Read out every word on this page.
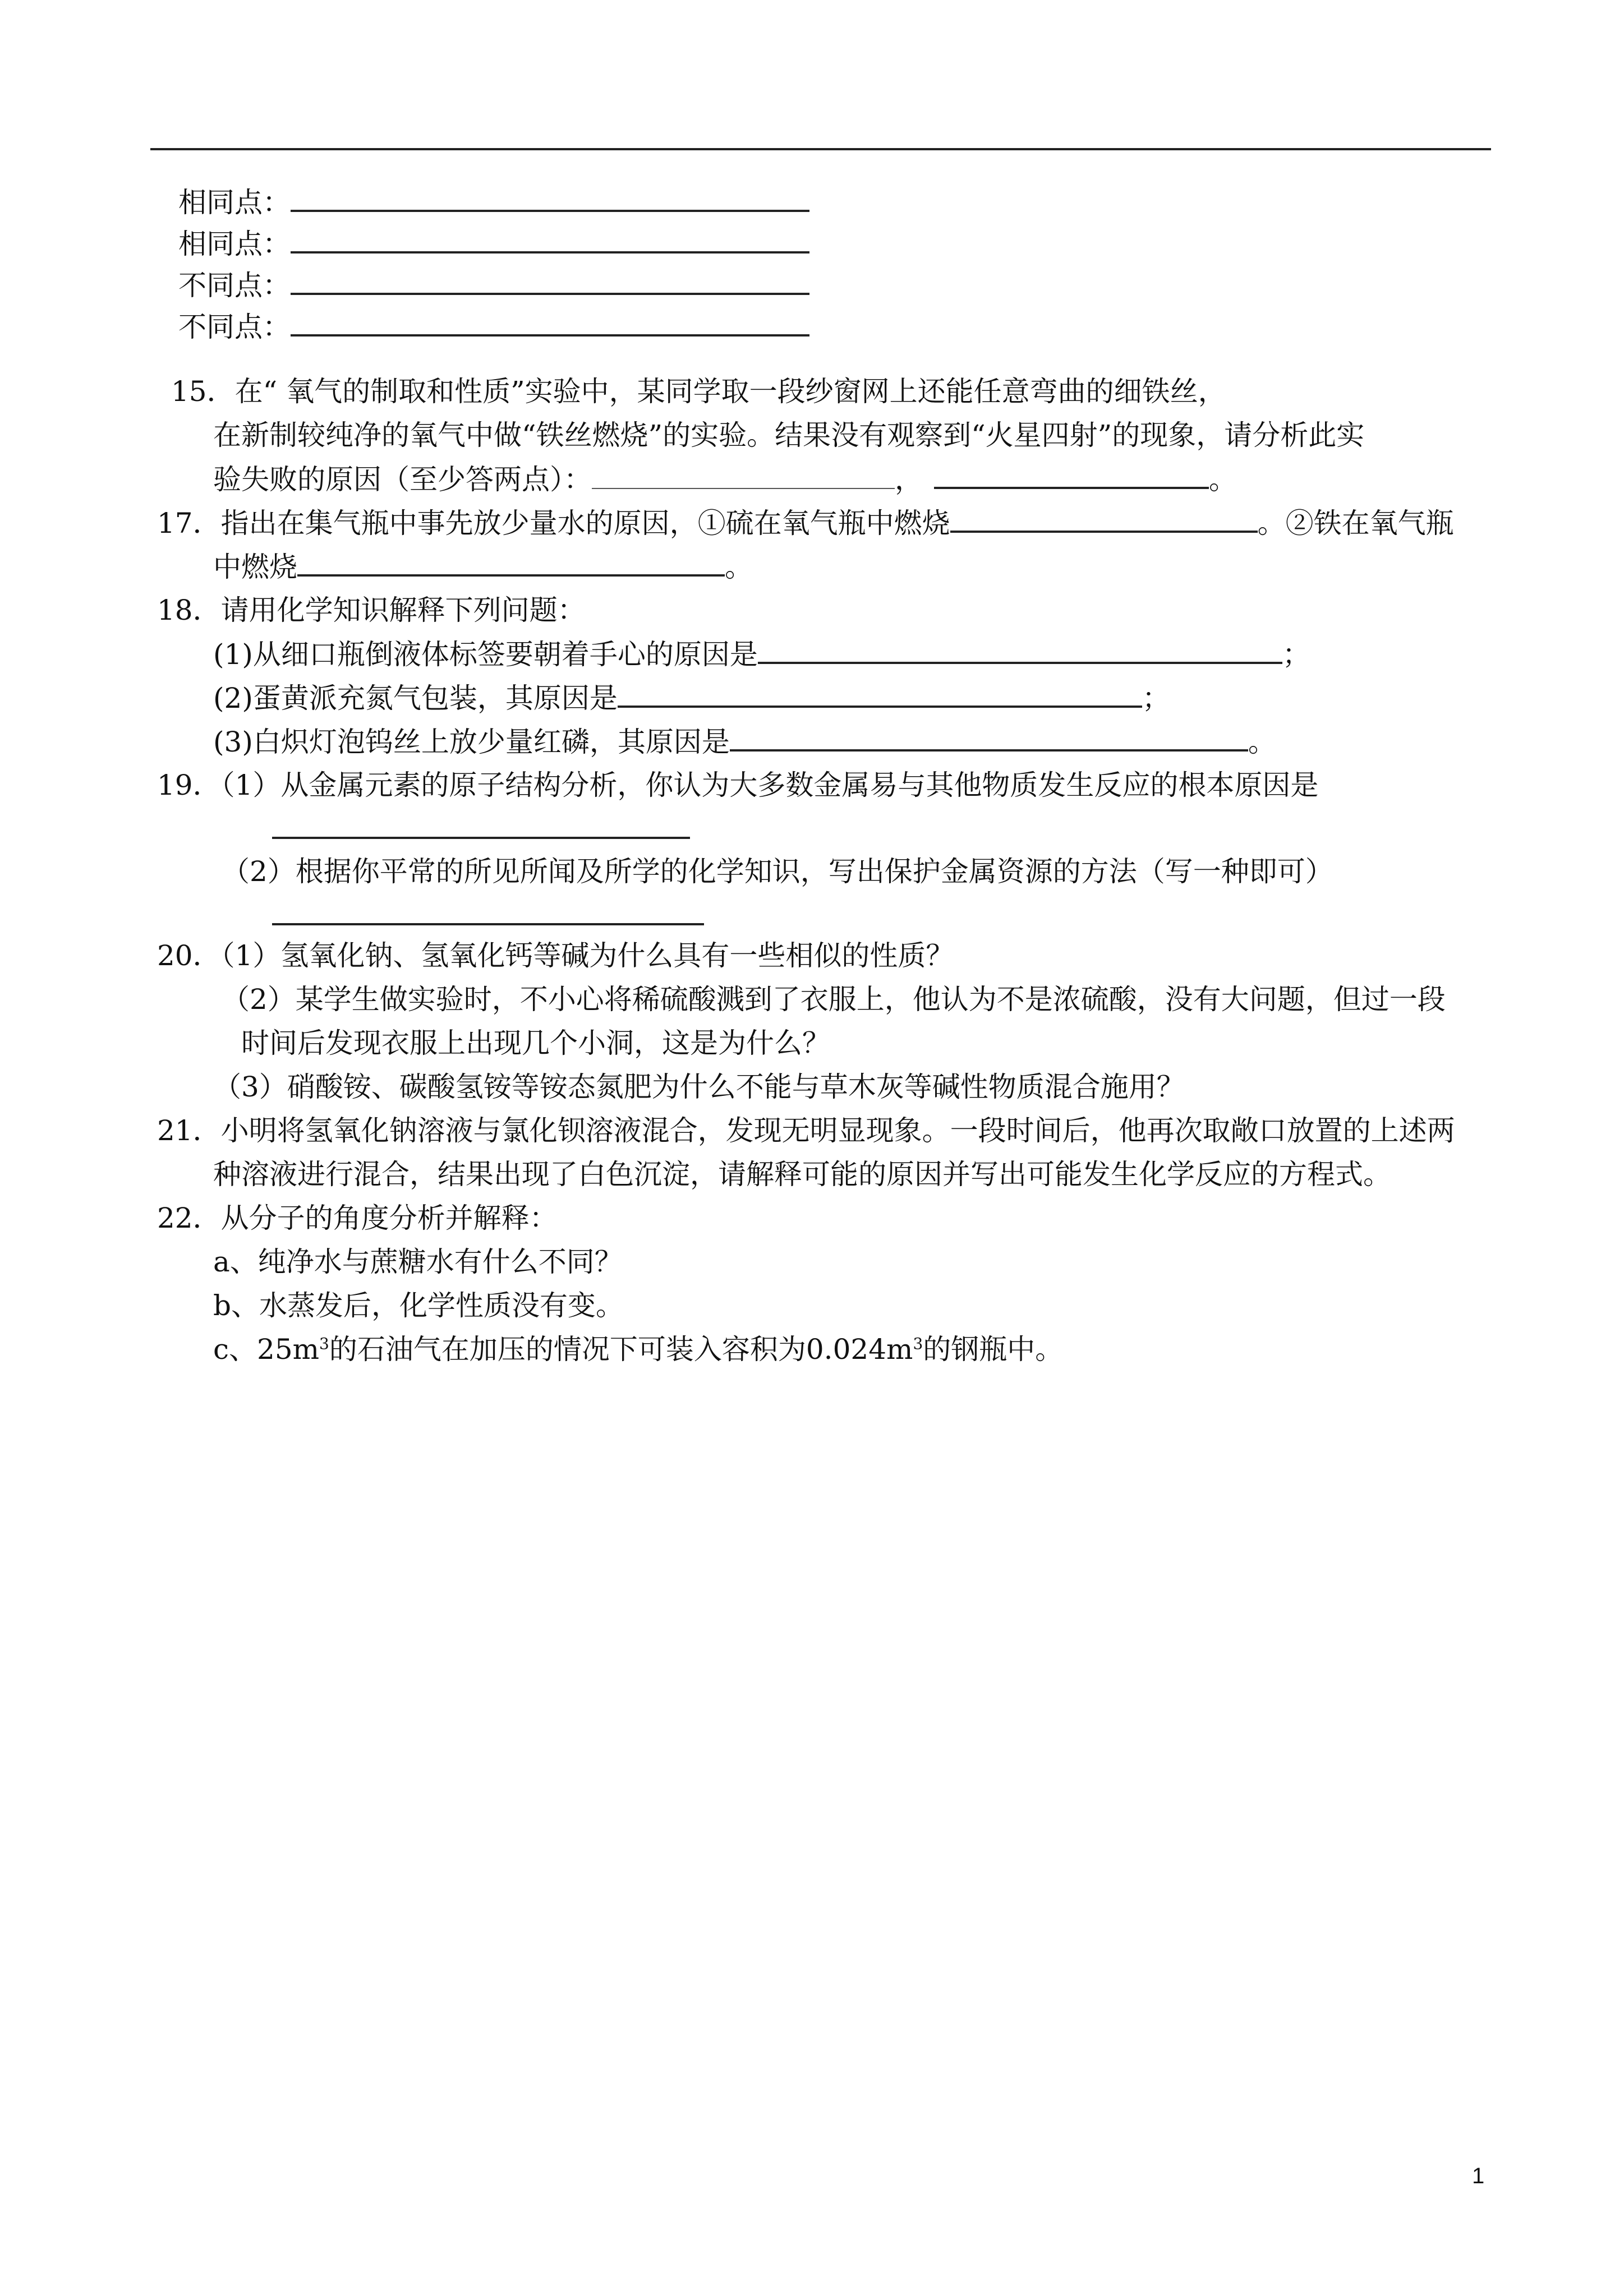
相同点：
相同点：
不同点：
不同点：
15．在“ 氧气的制取和性质”实验中，某同学取一段纱窗网上还能任意弯曲的细铁丝，
在新制较纯净的氧气中做“铁丝燃烧”的实验。结果没有观察到“火星四射”的现象，请分析此实
验失败的原因（至少答两点）：	，	。
17．指出在集气瓶中事先放少量水的原因，①硫在氧气瓶中燃烧	。②铁在氧气瓶
中燃烧	。
18．请用化学知识解释下列问题：
(1)从细口瓶倒液体标签要朝着手心的原因是	；
(2)蛋黄派充氮气包装，其原因是	；
(3)白炽灯泡钨丝上放少量红磷，其原因是	。
19．（1）从金属元素的原子结构分析，你认为大多数金属易与其他物质发生反应的根本原因是
（2）根据你平常的所见所闻及所学的化学知识，写出保护金属资源的方法（写一种即可）
20．（1）氢氧化钠、氢氧化钙等碱为什么具有一些相似的性质？
（2）某学生做实验时，不小心将稀硫酸溅到了衣服上，他认为不是浓硫酸，没有大问题，但过一段
时间后发现衣服上出现几个小洞，这是为什么？
（3）硝酸铵、碳酸氢铵等铵态氮肥为什么不能与草木灰等碱性物质混合施用？
21．小明将氢氧化钠溶液与氯化钡溶液混合，发现无明显现象。一段时间后，他再次取敞口放置的上述两
种溶液进行混合，结果出现了白色沉淀，请解释可能的原因并写出可能发生化学反应的方程式。
22．从分子的角度分析并解释：
a、纯净水与蔗糖水有什么不同？
b、水蒸发后，化学性质没有变。
c、$25m^3$的石油气在加压的情况下可装入容积为$0.024m^3$的钢瓶中。
1
